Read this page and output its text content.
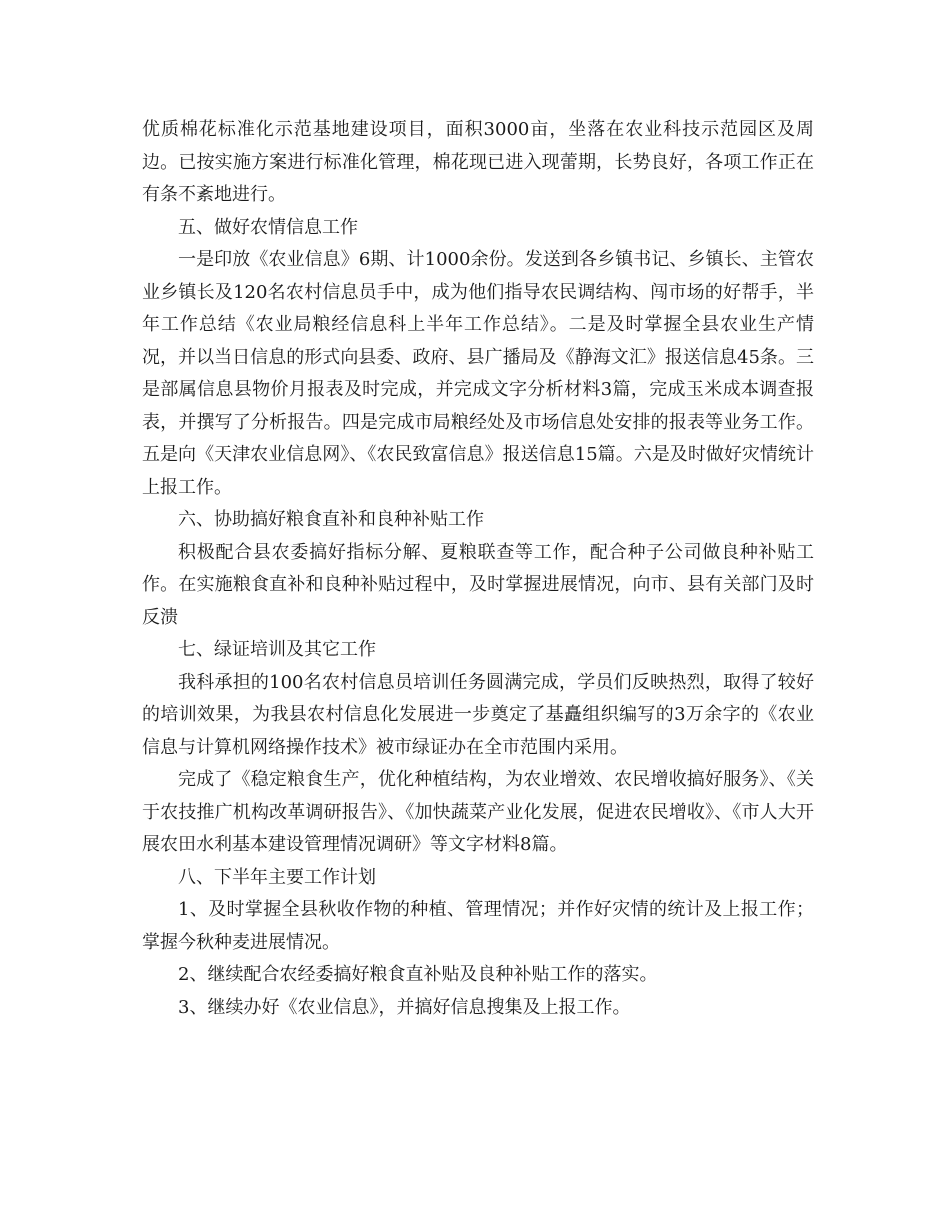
优质棉花标准化示范基地建设项目，面积3000亩，坐落在农业科技示范园区及周边。已按实施方案进行标准化管理，棉花现已进入现蕾期，长势良好，各项工作正在有条不紊地进行。

五、做好农情信息工作

一是印放《农业信息》6期、计1000余份。发送到各乡镇书记、乡镇长、主管农业乡镇长及120名农村信息员手中，成为他们指导农民调结构、闯市场的好帮手，半年工作总结《农业局粮经信息科上半年工作总结》。二是及时掌握全县农业生产情况，并以当日信息的形式向县委、政府、县广播局及《静海文汇》报送信息45条。三是部属信息县物价月报表及时完成，并完成文字分析材料3篇，完成玉米成本调查报表，并撰写了分析报告。四是完成市局粮经处及市场信息处安排的报表等业务工作。五是向《天津农业信息网》、《农民致富信息》报送信息15篇。六是及时做好灾情统计上报工作。

六、协助搞好粮食直补和良种补贴工作

积极配合县农委搞好指标分解、夏粮联查等工作，配合种子公司做良种补贴工作。在实施粮食直补和良种补贴过程中，及时掌握进展情况，向市、县有关部门及时反溃

七、绿证培训及其它工作

我科承担的100名农村信息员培训任务圆满完成，学员们反映热烈，取得了较好的培训效果，为我县农村信息化发展进一步奠定了基矗组织编写的3万余字的《农业信息与计算机网络操作技术》被市绿证办在全市范围内采用。

完成了《稳定粮食生产，优化种植结构，为农业增效、农民增收搞好服务》、《关于农技推广机构改革调研报告》、《加快蔬菜产业化发展，促进农民增收》、《市人大开展农田水利基本建设管理情况调研》等文字材料8篇。

八、下半年主要工作计划

1、及时掌握全县秋收作物的种植、管理情况；并作好灾情的统计及上报工作；掌握今秋种麦进展情况。

2、继续配合农经委搞好粮食直补贴及良种补贴工作的落实。

3、继续办好《农业信息》，并搞好信息搜集及上报工作。
